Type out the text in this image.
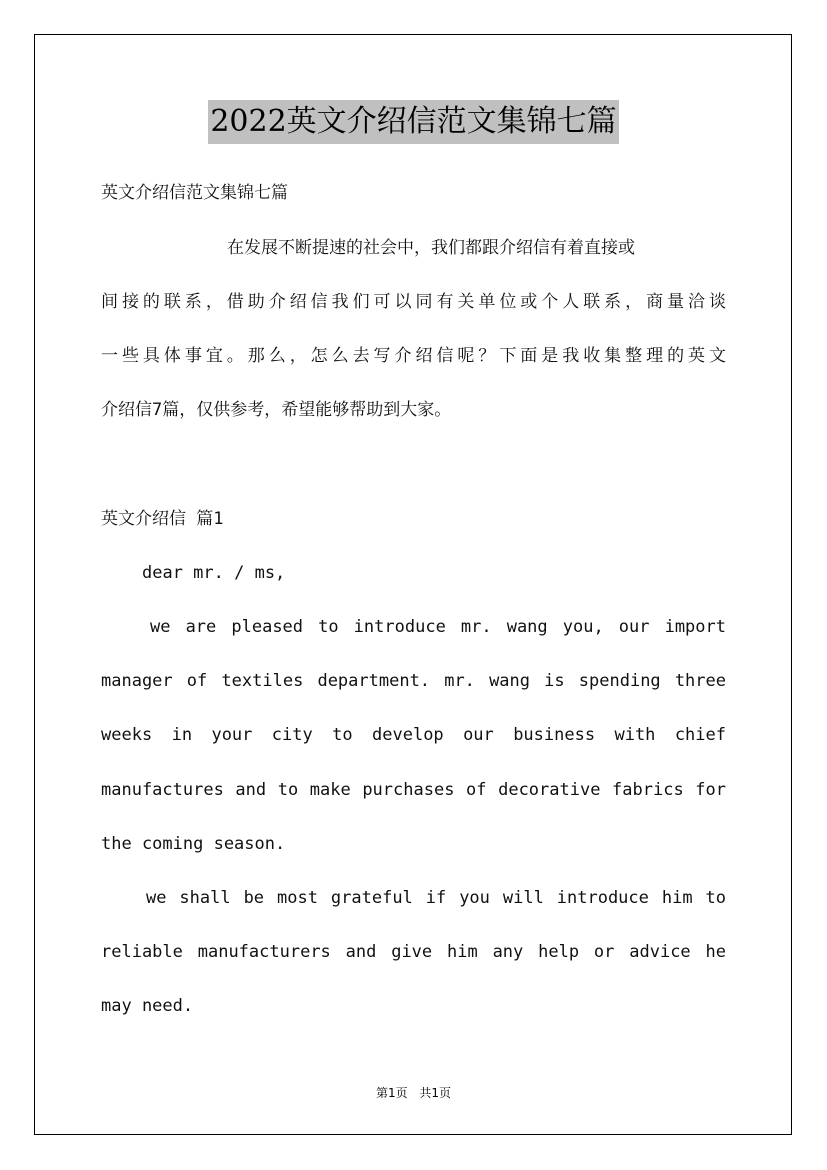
2022英文介绍信范文集锦七篇
英文介绍信范文集锦七篇
在发展不断提速的社会中，我们都跟介绍信有着直接或
间接的联系，借助介绍信我们可以同有关单位或个人联系，商量洽谈
一些具体事宜。那么，怎么去写介绍信呢？下面是我收集整理的英文
介绍信7篇，仅供参考，希望能够帮助到大家。
英文介绍信 篇1
dear mr. / ms,
we are pleased to introduce mr. wang you, our import
manager of textiles department. mr. wang is spending three
weeks in your city to develop our business with chief
manufactures and to make purchases of decorative fabrics for
the coming season.
we shall be most grateful if you will introduce him to
reliable manufacturers and give him any help or advice he
may need.
第1页 共1页
